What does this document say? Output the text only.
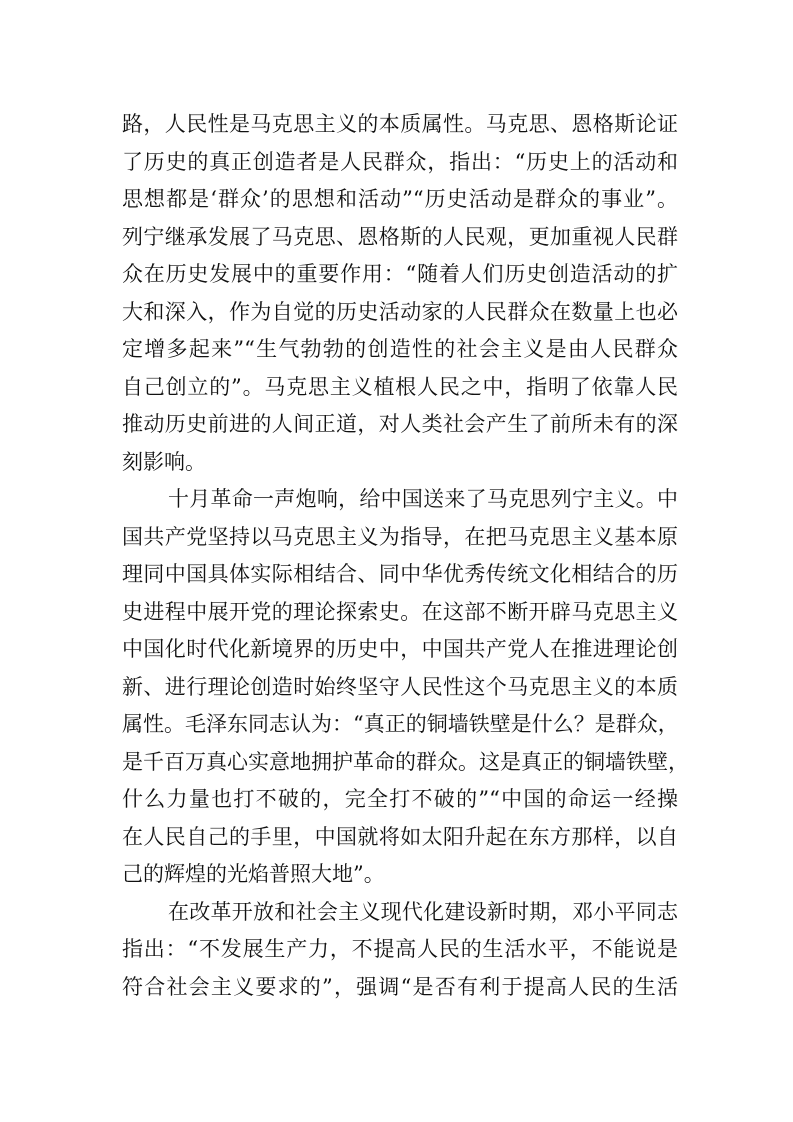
路，人民性是马克思主义的本质属性。马克思、恩格斯论证
了历史的真正创造者是人民群众，指出：“历史上的活动和
思想都是‘群众’的思想和活动”“历史活动是群众的事业”。
列宁继承发展了马克思、恩格斯的人民观，更加重视人民群
众在历史发展中的重要作用：“随着人们历史创造活动的扩
大和深入，作为自觉的历史活动家的人民群众在数量上也必
定增多起来”“生气勃勃的创造性的社会主义是由人民群众
自己创立的”。马克思主义植根人民之中，指明了依靠人民
推动历史前进的人间正道，对人类社会产生了前所未有的深
刻影响。
十月革命一声炮响，给中国送来了马克思列宁主义。中
国共产党坚持以马克思主义为指导，在把马克思主义基本原
理同中国具体实际相结合、同中华优秀传统文化相结合的历
史进程中展开党的理论探索史。在这部不断开辟马克思主义
中国化时代化新境界的历史中，中国共产党人在推进理论创
新、进行理论创造时始终坚守人民性这个马克思主义的本质
属性。毛泽东同志认为：“真正的铜墙铁壁是什么？是群众，
是千百万真心实意地拥护革命的群众。这是真正的铜墙铁壁，
什么力量也打不破的，完全打不破的”“中国的命运一经操
在人民自己的手里，中国就将如太阳升起在东方那样，以自
己的辉煌的光焰普照大地”。
在改革开放和社会主义现代化建设新时期，邓小平同志
指出：“不发展生产力，不提高人民的生活水平，不能说是
符合社会主义要求的”，强调“是否有利于提高人民的生活
